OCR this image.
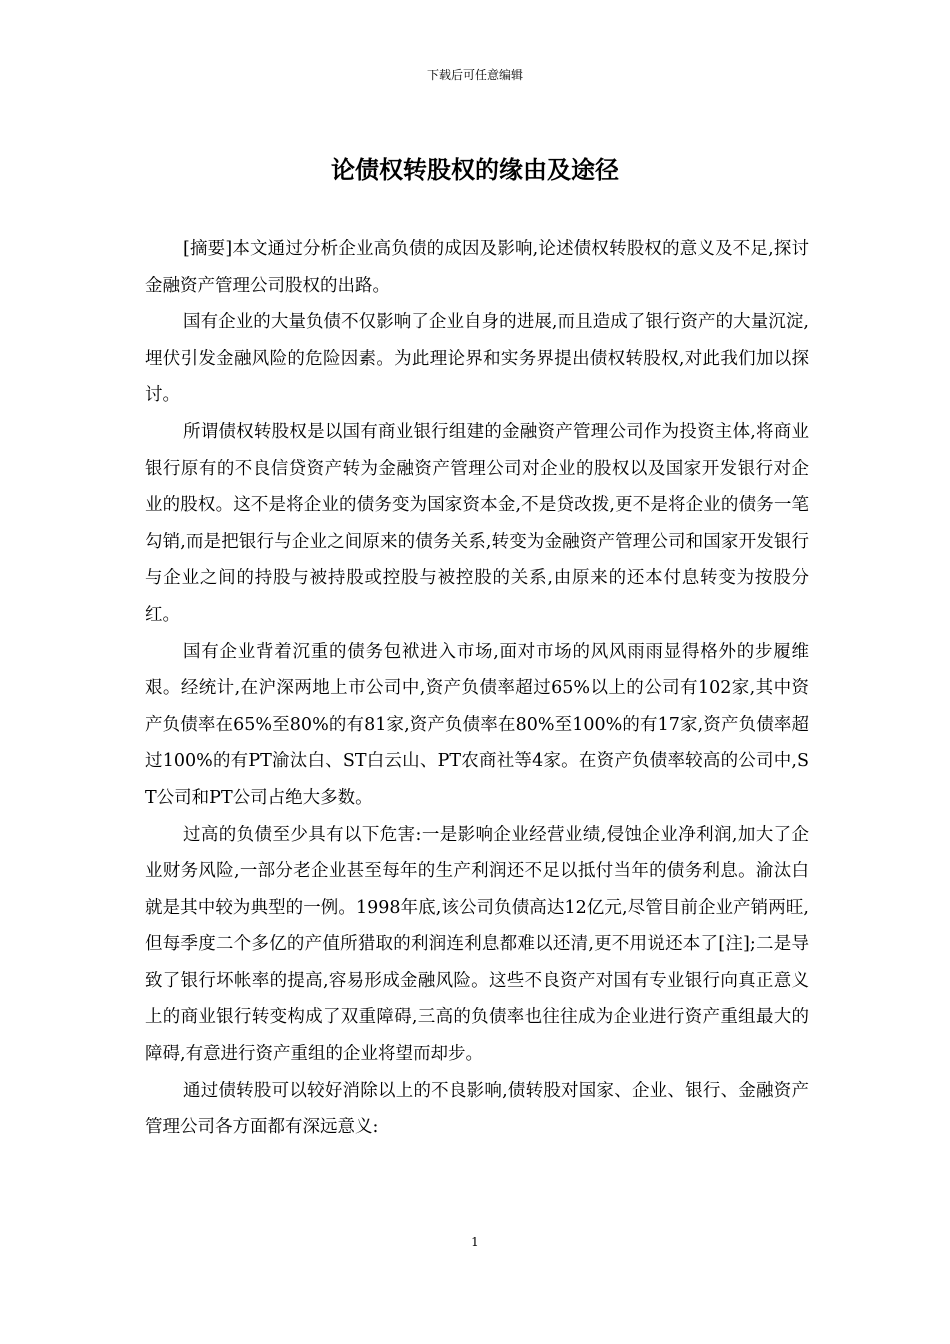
下载后可任意编辑
论债权转股权的缘由及途径

[摘要]本文通过分析企业高负债的成因及影响,论述债权转股权的意义及不足,探讨金融资产管理公司股权的出路。

国有企业的大量负债不仅影响了企业自身的进展,而且造成了银行资产的大量沉淀,埋伏引发金融风险的危险因素。为此理论界和实务界提出债权转股权,对此我们加以探讨。

所谓债权转股权是以国有商业银行组建的金融资产管理公司作为投资主体,将商业银行原有的不良信贷资产转为金融资产管理公司对企业的股权以及国家开发银行对企业的股权。这不是将企业的债务变为国家资本金,不是贷改拨,更不是将企业的债务一笔勾销,而是把银行与企业之间原来的债务关系,转变为金融资产管理公司和国家开发银行与企业之间的持股与被持股或控股与被控股的关系,由原来的还本付息转变为按股分红。

国有企业背着沉重的债务包袱进入市场,面对市场的风风雨雨显得格外的步履维艰。经统计,在沪深两地上市公司中,资产负债率超过65%以上的公司有102家,其中资产负债率在65%至80%的有81家,资产负债率在80%至100%的有17家,资产负债率超过100%的有PT渝汰白、ST白云山、PT农商社等4家。在资产负债率较高的公司中,ST公司和PT公司占绝大多数。

过高的负债至少具有以下危害:一是影响企业经营业绩,侵蚀企业净利润,加大了企业财务风险,一部分老企业甚至每年的生产利润还不足以抵付当年的债务利息。渝汰白就是其中较为典型的一例。1998年底,该公司负债高达12亿元,尽管目前企业产销两旺,但每季度二个多亿的产值所猎取的利润连利息都难以还清,更不用说还本了[注];二是导致了银行坏帐率的提高,容易形成金融风险。这些不良资产对国有专业银行向真正意义上的商业银行转变构成了双重障碍,三高的负债率也往往成为企业进行资产重组最大的障碍,有意进行资产重组的企业将望而却步。

通过债转股可以较好消除以上的不良影响,债转股对国家、企业、银行、金融资产管理公司各方面都有深远意义:

1
